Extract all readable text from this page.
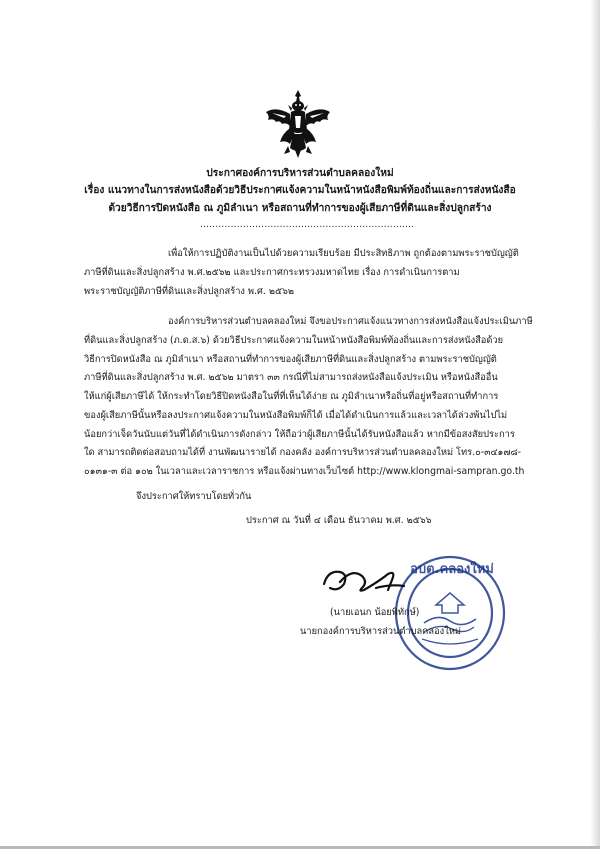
ประกาศองค์การบริหารส่วนตำบลคลองใหม่
เรื่อง แนวทางในการส่งหนังสือด้วยวิธีประกาศแจ้งความในหน้าหนังสือพิมพ์ท้องถิ่นและการส่งหนังสือ
ด้วยวิธีการปิดหนังสือ ณ ภูมิลำเนา หรือสถานที่ทำการของผู้เสียภาษีที่ดินและสิ่งปลูกสร้าง
......................................................................
เพื่อให้การปฏิบัติงานเป็นไปด้วยความเรียบร้อย มีประสิทธิภาพ ถูกต้องตามพระราชบัญญัติ
ภาษีที่ดินและสิ่งปลูกสร้าง พ.ศ.๒๕๖๒ และประกาศกระทรวงมหาดไทย เรื่อง การดำเนินการตาม
พระราชบัญญัติภาษีที่ดินและสิ่งปลูกสร้าง พ.ศ. ๒๕๖๒
องค์การบริหารส่วนตำบลคลองใหม่ จึงขอประกาศแจ้งแนวทางการส่งหนังสือแจ้งประเมินภาษี
ที่ดินและสิ่งปลูกสร้าง (ภ.ด.ส.๖) ด้วยวิธีประกาศแจ้งความในหน้าหนังสือพิมพ์ท้องถิ่นและการส่งหนังสือด้วย
วิธีการปิดหนังสือ ณ ภูมิลำเนา หรือสถานที่ทำการของผู้เสียภาษีที่ดินและสิ่งปลูกสร้าง ตามพระราชบัญญัติ
ภาษีที่ดินและสิ่งปลูกสร้าง พ.ศ. ๒๕๖๒ มาตรา ๓๓ กรณีที่ไม่สามารถส่งหนังสือแจ้งประเมิน หรือหนังสืออื่น
ให้แก่ผู้เสียภาษีได้ ให้กระทำโดยวิธีปิดหนังสือในที่ที่เห็นได้ง่าย ณ ภูมิลำเนาหรือถิ่นที่อยู่หรือสถานที่ทำการ
ของผู้เสียภาษีนั้นหรือลงประกาศแจ้งความในหนังสือพิมพ์ก็ได้ เมื่อได้ดำเนินการแล้วและเวลาได้ล่วงพ้นไปไม่
น้อยกว่าเจ็ดวันนับแต่วันที่ได้ดำเนินการดังกล่าว ให้ถือว่าผู้เสียภาษีนั้นได้รับหนังสือแล้ว หากมีข้อสงสัยประการ
ใด สามารถติดต่อสอบถามได้ที่ งานพัฒนารายได้ กองคลัง องค์การบริหารส่วนตำบลคลองใหม่ โทร.๐-๓๔๑๗๘-
๐๑๓๑-๓ ต่อ ๑๐๒ ในเวลาและเวลาราชการ หรือแจ้งผ่านทางเว็บไซต์ http://www.klongmai-sampran.go.th
จึงประกาศให้ทราบโดยทั่วกัน
ประกาศ ณ วันที่ ๔ เดือน ธันวาคม พ.ศ. ๒๕๖๖
อบต.คลองใหม่
(นายเอนก น้อยพิทักษ์)
นายกองค์การบริหารส่วนตำบลคลองใหม่
